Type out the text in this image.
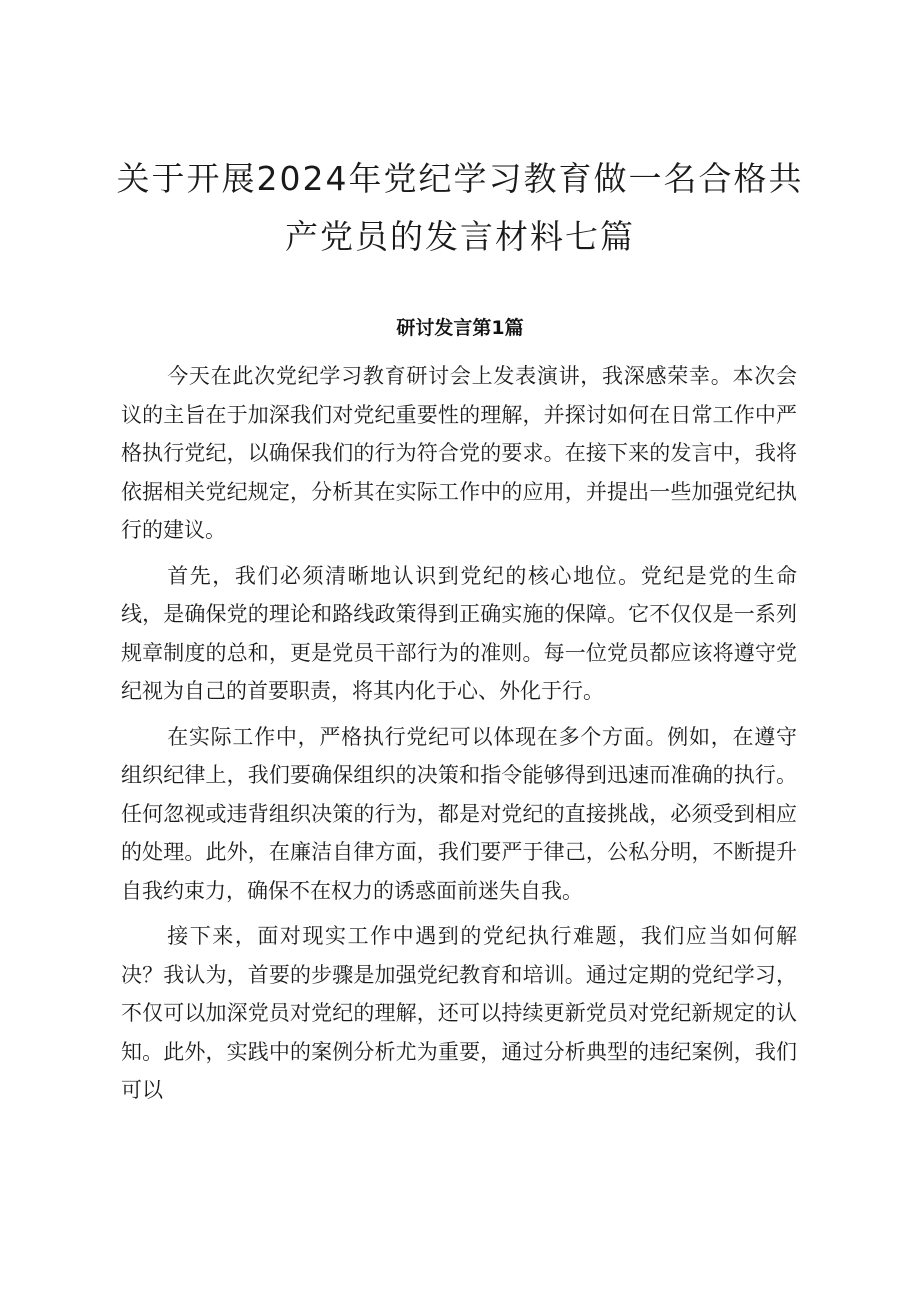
关于开展2024年党纪学习教育做一名合格共
产党员的发言材料七篇
研讨发言第1篇

今天在此次党纪学习教育研讨会上发表演讲，我深感荣幸。本次会议的主旨在于加深我们对党纪重要性的理解，并探讨如何在日常工作中严格执行党纪，以确保我们的行为符合党的要求。在接下来的发言中，我将依据相关党纪规定，分析其在实际工作中的应用，并提出一些加强党纪执行的建议。

首先，我们必须清晰地认识到党纪的核心地位。党纪是党的生命线，是确保党的理论和路线政策得到正确实施的保障。它不仅仅是一系列规章制度的总和，更是党员干部行为的准则。每一位党员都应该将遵守党纪视为自己的首要职责，将其内化于心、外化于行。

在实际工作中，严格执行党纪可以体现在多个方面。例如，在遵守组织纪律上，我们要确保组织的决策和指令能够得到迅速而准确的执行。任何忽视或违背组织决策的行为，都是对党纪的直接挑战，必须受到相应的处理。此外，在廉洁自律方面，我们要严于律己，公私分明，不断提升自我约束力，确保不在权力的诱惑面前迷失自我。

接下来，面对现实工作中遇到的党纪执行难题，我们应当如何解决？我认为，首要的步骤是加强党纪教育和培训。通过定期的党纪学习，不仅可以加深党员对党纪的理解，还可以持续更新党员对党纪新规定的认知。此外，实践中的案例分析尤为重要，通过分析典型的违纪案例，我们可以
